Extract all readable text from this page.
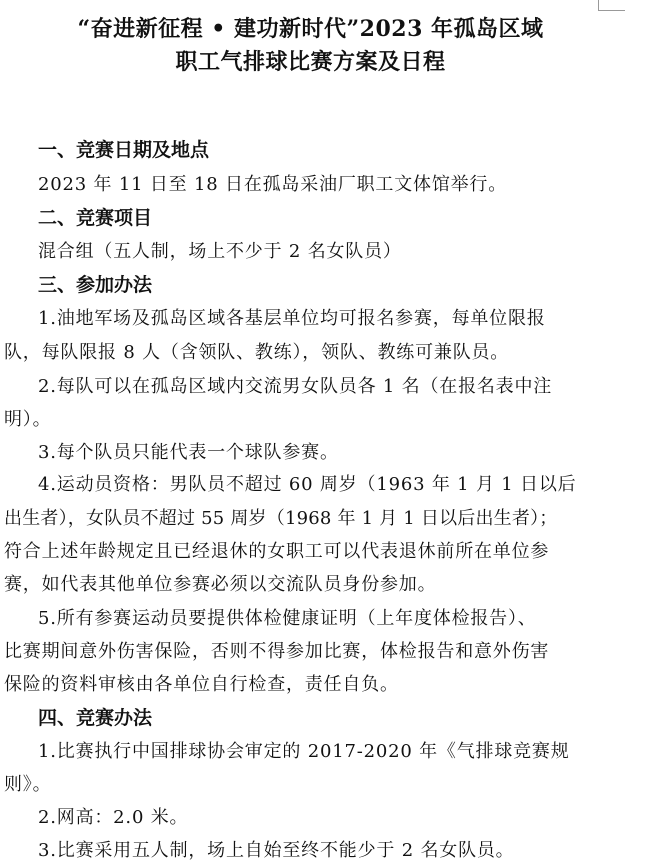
“奋进新征程 • 建功新时代”2023 年孤岛区域
职工气排球比赛方案及日程
一、竞赛日期及地点
2023 年 11 日至 18 日在孤岛采油厂职工文体馆举行。
二、竞赛项目
混合组（五人制，场上不少于 2 名女队员）
三、参加办法
1.油地军场及孤岛区域各基层单位均可报名参赛，每单位限报
队，每队限报 8 人（含领队、教练），领队、教练可兼队员。
2.每队可以在孤岛区域内交流男女队员各 1 名（在报名表中注
明）。
3.每个队员只能代表一个球队参赛。
4.运动员资格：男队员不超过 60 周岁（1963 年 1 月 1 日以后
出生者），女队员不超过 55 周岁（1968 年 1 月 1 日以后出生者）；
符合上述年龄规定且已经退休的女职工可以代表退休前所在单位参
赛，如代表其他单位参赛必须以交流队员身份参加。
5.所有参赛运动员要提供体检健康证明（上年度体检报告）、
比赛期间意外伤害保险，否则不得参加比赛，体检报告和意外伤害
保险的资料审核由各单位自行检查，责任自负。
四、竞赛办法
1.比赛执行中国排球协会审定的 2017-2020 年《气排球竞赛规
则》。
2.网高：2.0 米。
3.比赛采用五人制，场上自始至终不能少于 2 名女队员。
